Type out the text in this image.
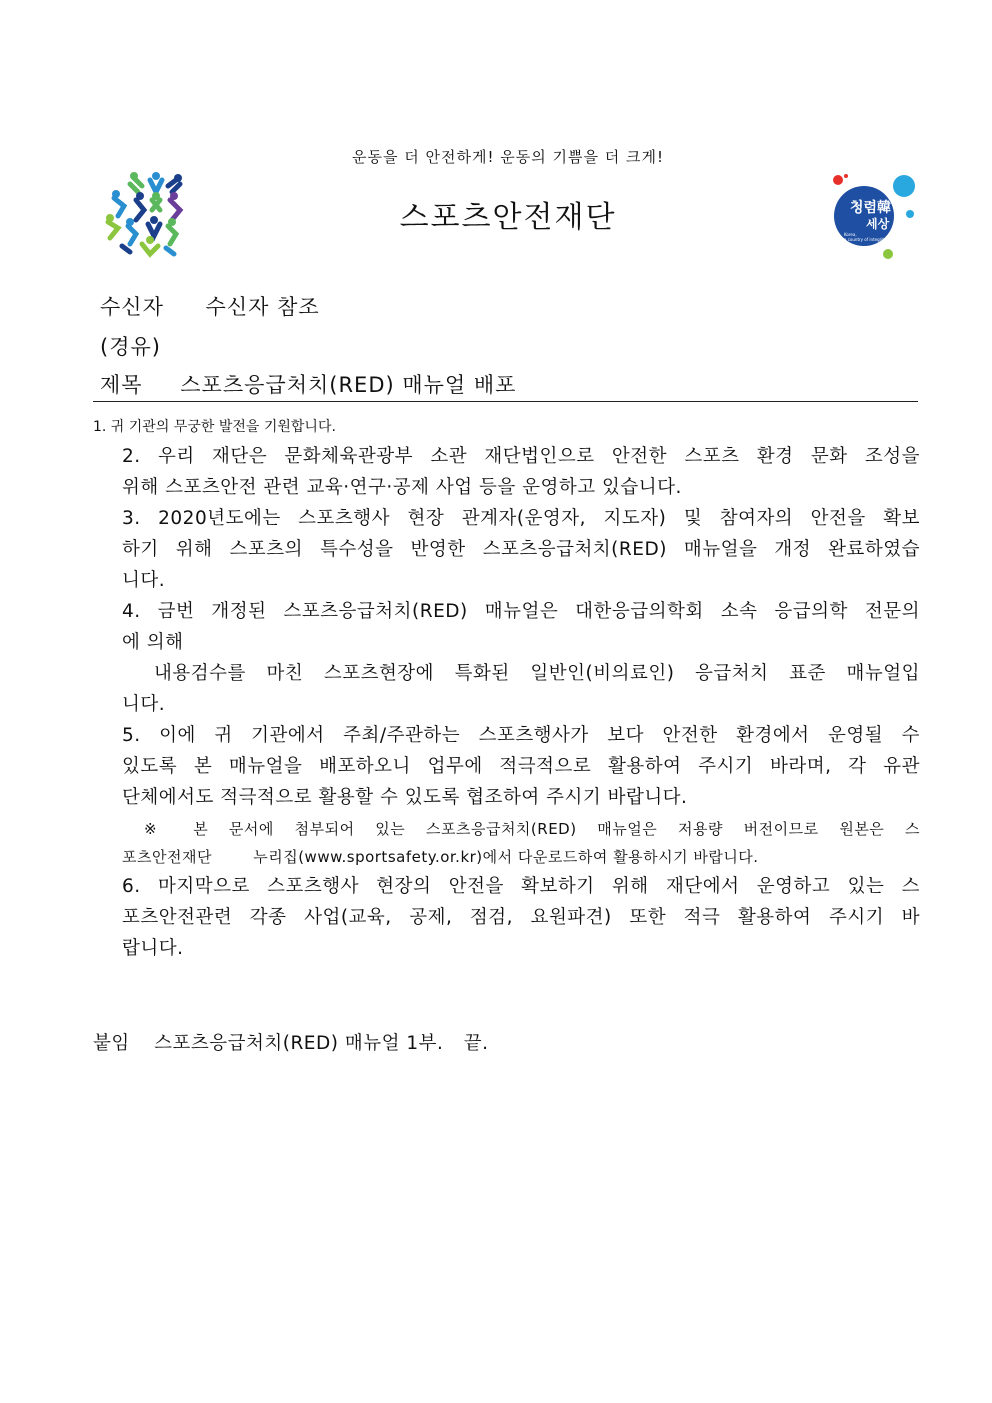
운동을 더 안전하게! 운동의 기쁨을 더 크게!
스포츠안전재단	청렴韓
세상
Korea,
a country of integrity
수신자 수신자 참조
(경유)
제목 스포츠응급처치(RED) 매뉴얼 배포
1. 귀 기관의 무궁한 발전을 기원합니다.
2. 우리 재단은 문화체육관광부 소관 재단법인으로 안전한 스포츠 환경 문화 조성을
위해 스포츠안전 관련 교육·연구·공제 사업 등을 운영하고 있습니다.
3. 2020년도에는 스포츠행사 현장 관계자(운영자, 지도자) 및 참여자의 안전을 확보
하기 위해 스포츠의 특수성을 반영한 스포츠응급처치(RED) 매뉴얼을 개정 완료하였습
니다.
4. 금번 개정된 스포츠응급처치(RED) 매뉴얼은 대한응급의학회 소속 응급의학 전문의
에 의해
내용검수를 마친 스포츠현장에 특화된 일반인(비의료인) 응급처치 표준 매뉴얼입
니다.
5. 이에 귀 기관에서 주최/주관하는 스포츠행사가 보다 안전한 환경에서 운영될 수
있도록 본 매뉴얼을 배포하오니 업무에 적극적으로 활용하여 주시기 바라며, 각 유관
단체에서도 적극적으로 활용할 수 있도록 협조하여 주시기 바랍니다.
※ 본 문서에 첨부되어 있는 스포츠응급처치(RED) 매뉴얼은 저용량 버전이므로 원본은 스
포츠안전재단	누리집(www.sportsafety.or.kr)에서 다운로드하여 활용하시기 바랍니다.
6. 마지막으로 스포츠행사 현장의 안전을 확보하기 위해 재단에서 운영하고 있는 스
포츠안전관련 각종 사업(교육, 공제, 점검, 요원파견) 또한 적극 활용하여 주시기 바
랍니다.
붙임 스포츠응급처치(RED) 매뉴얼 1부. 끝.
